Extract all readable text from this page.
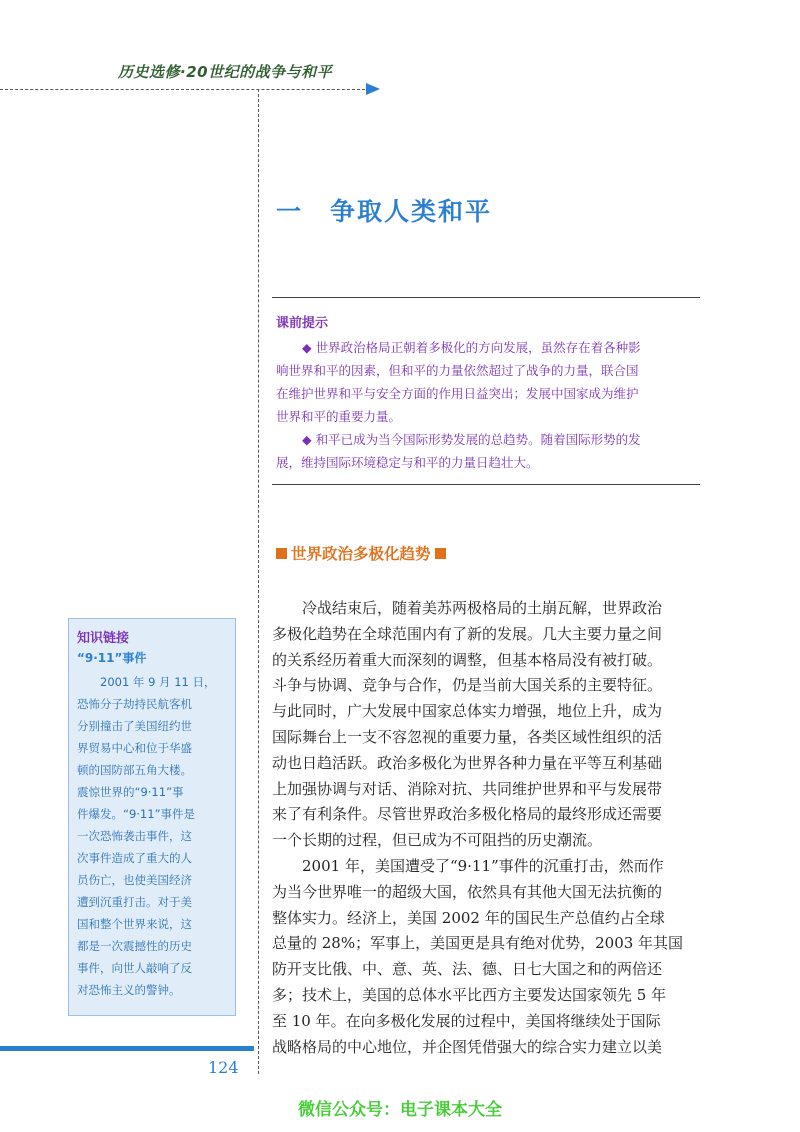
历史选修·20世纪的战争与和平
一　争取人类和平
课前提示
◆ 世界政治格局正朝着多极化的方向发展，虽然存在着各种影
响世界和平的因素，但和平的力量依然超过了战争的力量，联合国
在维护世界和平与安全方面的作用日益突出；发展中国家成为维护
世界和平的重要力量。
◆ 和平已成为当今国际形势发展的总趋势。随着国际形势的发
展，维持国际环境稳定与和平的力量日趋壮大。
世界政治多极化趋势
　　冷战结束后，随着美苏两极格局的土崩瓦解，世界政治
多极化趋势在全球范围内有了新的发展。几大主要力量之间
的关系经历着重大而深刻的调整，但基本格局没有被打破。
斗争与协调、竞争与合作，仍是当前大国关系的主要特征。
与此同时，广大发展中国家总体实力增强，地位上升，成为
国际舞台上一支不容忽视的重要力量，各类区域性组织的活
动也日趋活跃。政治多极化为世界各种力量在平等互利基础
上加强协调与对话、消除对抗、共同维护世界和平与发展带
来了有利条件。尽管世界政治多极化格局的最终形成还需要
一个长期的过程，但已成为不可阻挡的历史潮流。
　　2001 年，美国遭受了“9·11”事件的沉重打击，然而作
为当今世界唯一的超级大国，依然具有其他大国无法抗衡的
整体实力。经济上，美国 2002 年的国民生产总值约占全球
总量的 28%；军事上，美国更是具有绝对优势，2003 年其国
防开支比俄、中、意、英、法、德、日七大国之和的两倍还
多；技术上，美国的总体水平比西方主要发达国家领先 5 年
至 10 年。在向多极化发展的过程中，美国将继续处于国际
战略格局的中心地位，并企图凭借强大的综合实力建立以美
知识链接
“9·11”事件
　　2001 年 9 月 11 日，
恐怖分子劫持民航客机
分别撞击了美国纽约世
界贸易中心和位于华盛
顿的国防部五角大楼。
震惊世界的“9·11”事
件爆发。“9·11”事件是
一次恐怖袭击事件，这
次事件造成了重大的人
员伤亡，也使美国经济
遭到沉重打击。对于美
国和整个世界来说，这
都是一次震撼性的历史
事件，向世人敲响了反
对恐怖主义的警钟。
124
微信公众号：电子课本大全
